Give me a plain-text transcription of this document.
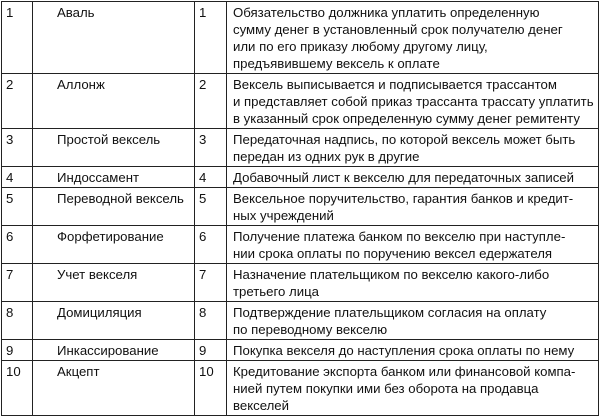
1	Аваль	1	Обязательство должника уплатить определенную
сумму денег в установленный срок получателю денег
или по его приказу любому другому лицу,
предъявившему вексель к оплате

2	Аллонж	2	Вексель выписывается и подписывается трассантом
и представляет собой приказ трассанта трассату уплатить
в указанный срок определенную сумму денег ремитенту

3	Простой вексель	3	Передаточная надпись, по которой вексель может быть
передан из одних рук в другие

4	Индоссамент	4	Добавочный лист к векселю для передаточных записей

5	Переводной вексель	5	Вексельное поручительство, гарантия банков и кредит-
ных учреждений

6	Форфетирование	6	Получение платежа банком по векселю при наступле-
нии срока оплаты по поручению вексел едержателя

7	Учет векселя	7	Назначение плательщиком по векселю какого-либо
третьего лица

8	Домициляция	8	Подтверждение плательщиком согласия на оплату
по переводному векселю

9	Инкассирование	9	Покупка векселя до наступления срока оплаты по нему

10	Акцепт	10	Кредитование экспорта банком или финансовой компа-
нией путем покупки ими без оборота на продавца
векселей
